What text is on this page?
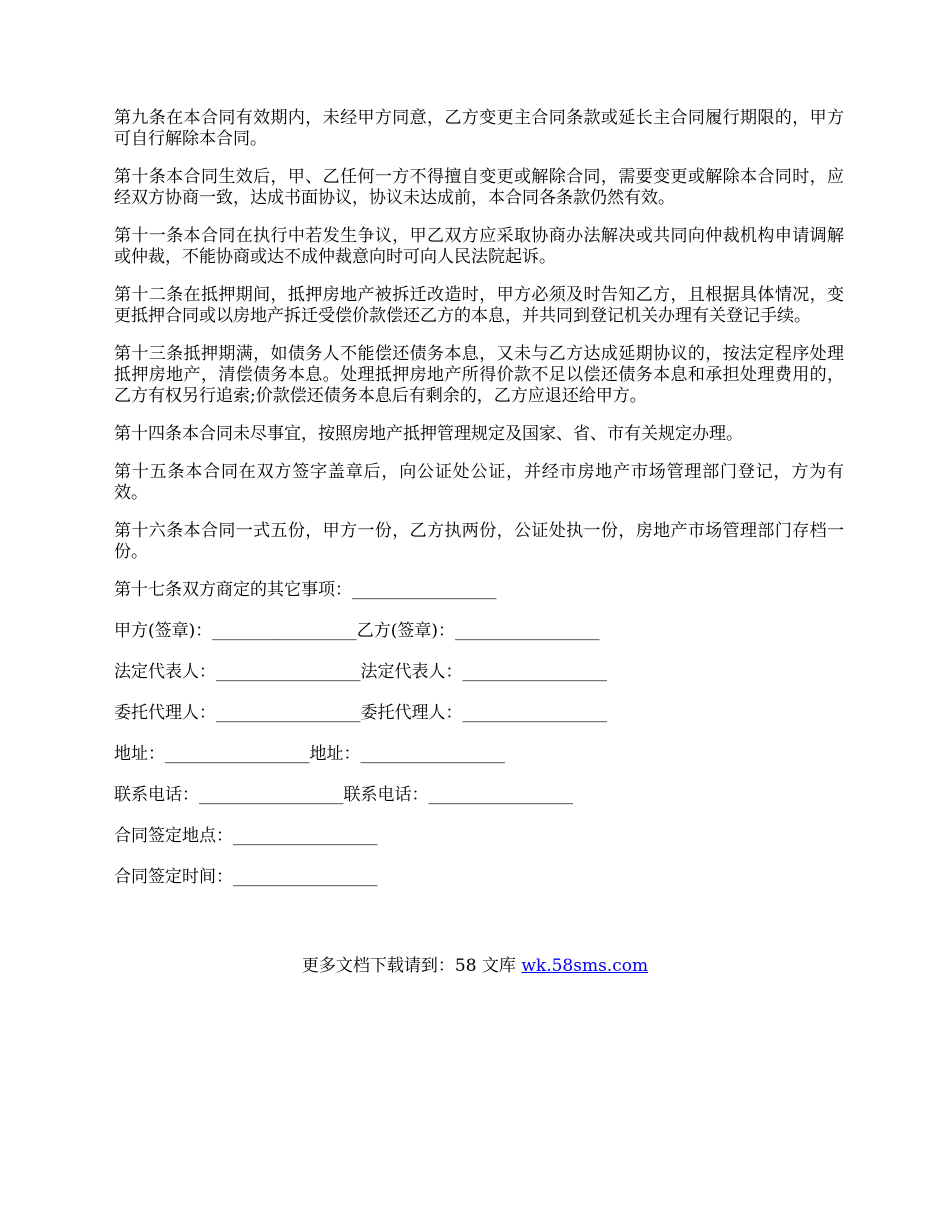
第九条在本合同有效期内，未经甲方同意，乙方变更主合同条款或延长主合同履行期限的，甲方可自行解除本合同。

第十条本合同生效后，甲、乙任何一方不得擅自变更或解除合同，需要变更或解除本合同时，应经双方协商一致，达成书面协议，协议未达成前，本合同各条款仍然有效。

第十一条本合同在执行中若发生争议，甲乙双方应采取协商办法解决或共同向仲裁机构申请调解或仲裁，不能协商或达不成仲裁意向时可向人民法院起诉。

第十二条在抵押期间，抵押房地产被拆迁改造时，甲方必须及时告知乙方，且根据具体情况，变更抵押合同或以房地产拆迁受偿价款偿还乙方的本息，并共同到登记机关办理有关登记手续。

第十三条抵押期满，如债务人不能偿还债务本息，又未与乙方达成延期协议的，按法定程序处理抵押房地产，清偿债务本息。处理抵押房地产所得价款不足以偿还债务本息和承担处理费用的，乙方有权另行追索;价款偿还债务本息后有剩余的，乙方应退还给甲方。

第十四条本合同未尽事宜，按照房地产抵押管理规定及国家、省、市有关规定办理。

第十五条本合同在双方签字盖章后，向公证处公证，并经市房地产市场管理部门登记，方为有效。

第十六条本合同一式五份，甲方一份，乙方执两份，公证处执一份，房地产市场管理部门存档一份。

第十七条双方商定的其它事项：_________________
甲方(签章)：_________________乙方(签章)：_________________
法定代表人：_________________法定代表人：_________________
委托代理人：_________________委托代理人：_________________
地址：_________________地址：_________________
联系电话：_________________联系电话：_________________
合同签定地点：_________________
合同签定时间：_________________
更多文档下载请到：58 文库 wk.58sms.com
